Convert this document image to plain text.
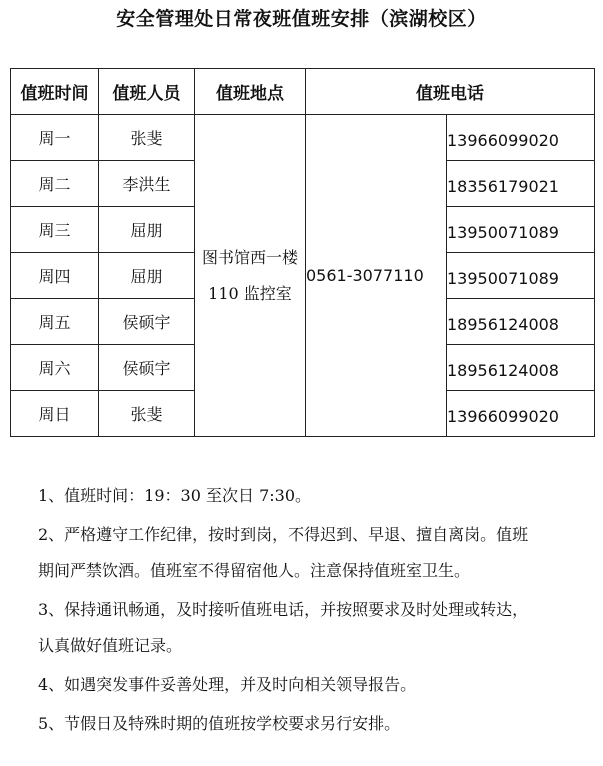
安全管理处日常夜班值班安排（滨湖校区）
值班时间	值班人员	值班地点	值班电话	
周一	张斐	图书馆西一楼 110 监控室	0561-3077110	13966099020

周二	李洪生			18356179021

周三	屈朋			13950071089

周四	屈朋			13950071089

周五	侯硕宇			18956124008

周六	侯硕宇			18956124008

周日	张斐			13966099020

1、值班时间：19：30 至次日 7:30。

2、严格遵守工作纪律，按时到岗，不得迟到、早退、擅自离岗。值班期间严禁饮酒。值班室不得留宿他人。注意保持值班室卫生。

3、保持通讯畅通，及时接听值班电话，并按照要求及时处理或转达，认真做好值班记录。

4、如遇突发事件妥善处理，并及时向相关领导报告。

5、节假日及特殊时期的值班按学校要求另行安排。
